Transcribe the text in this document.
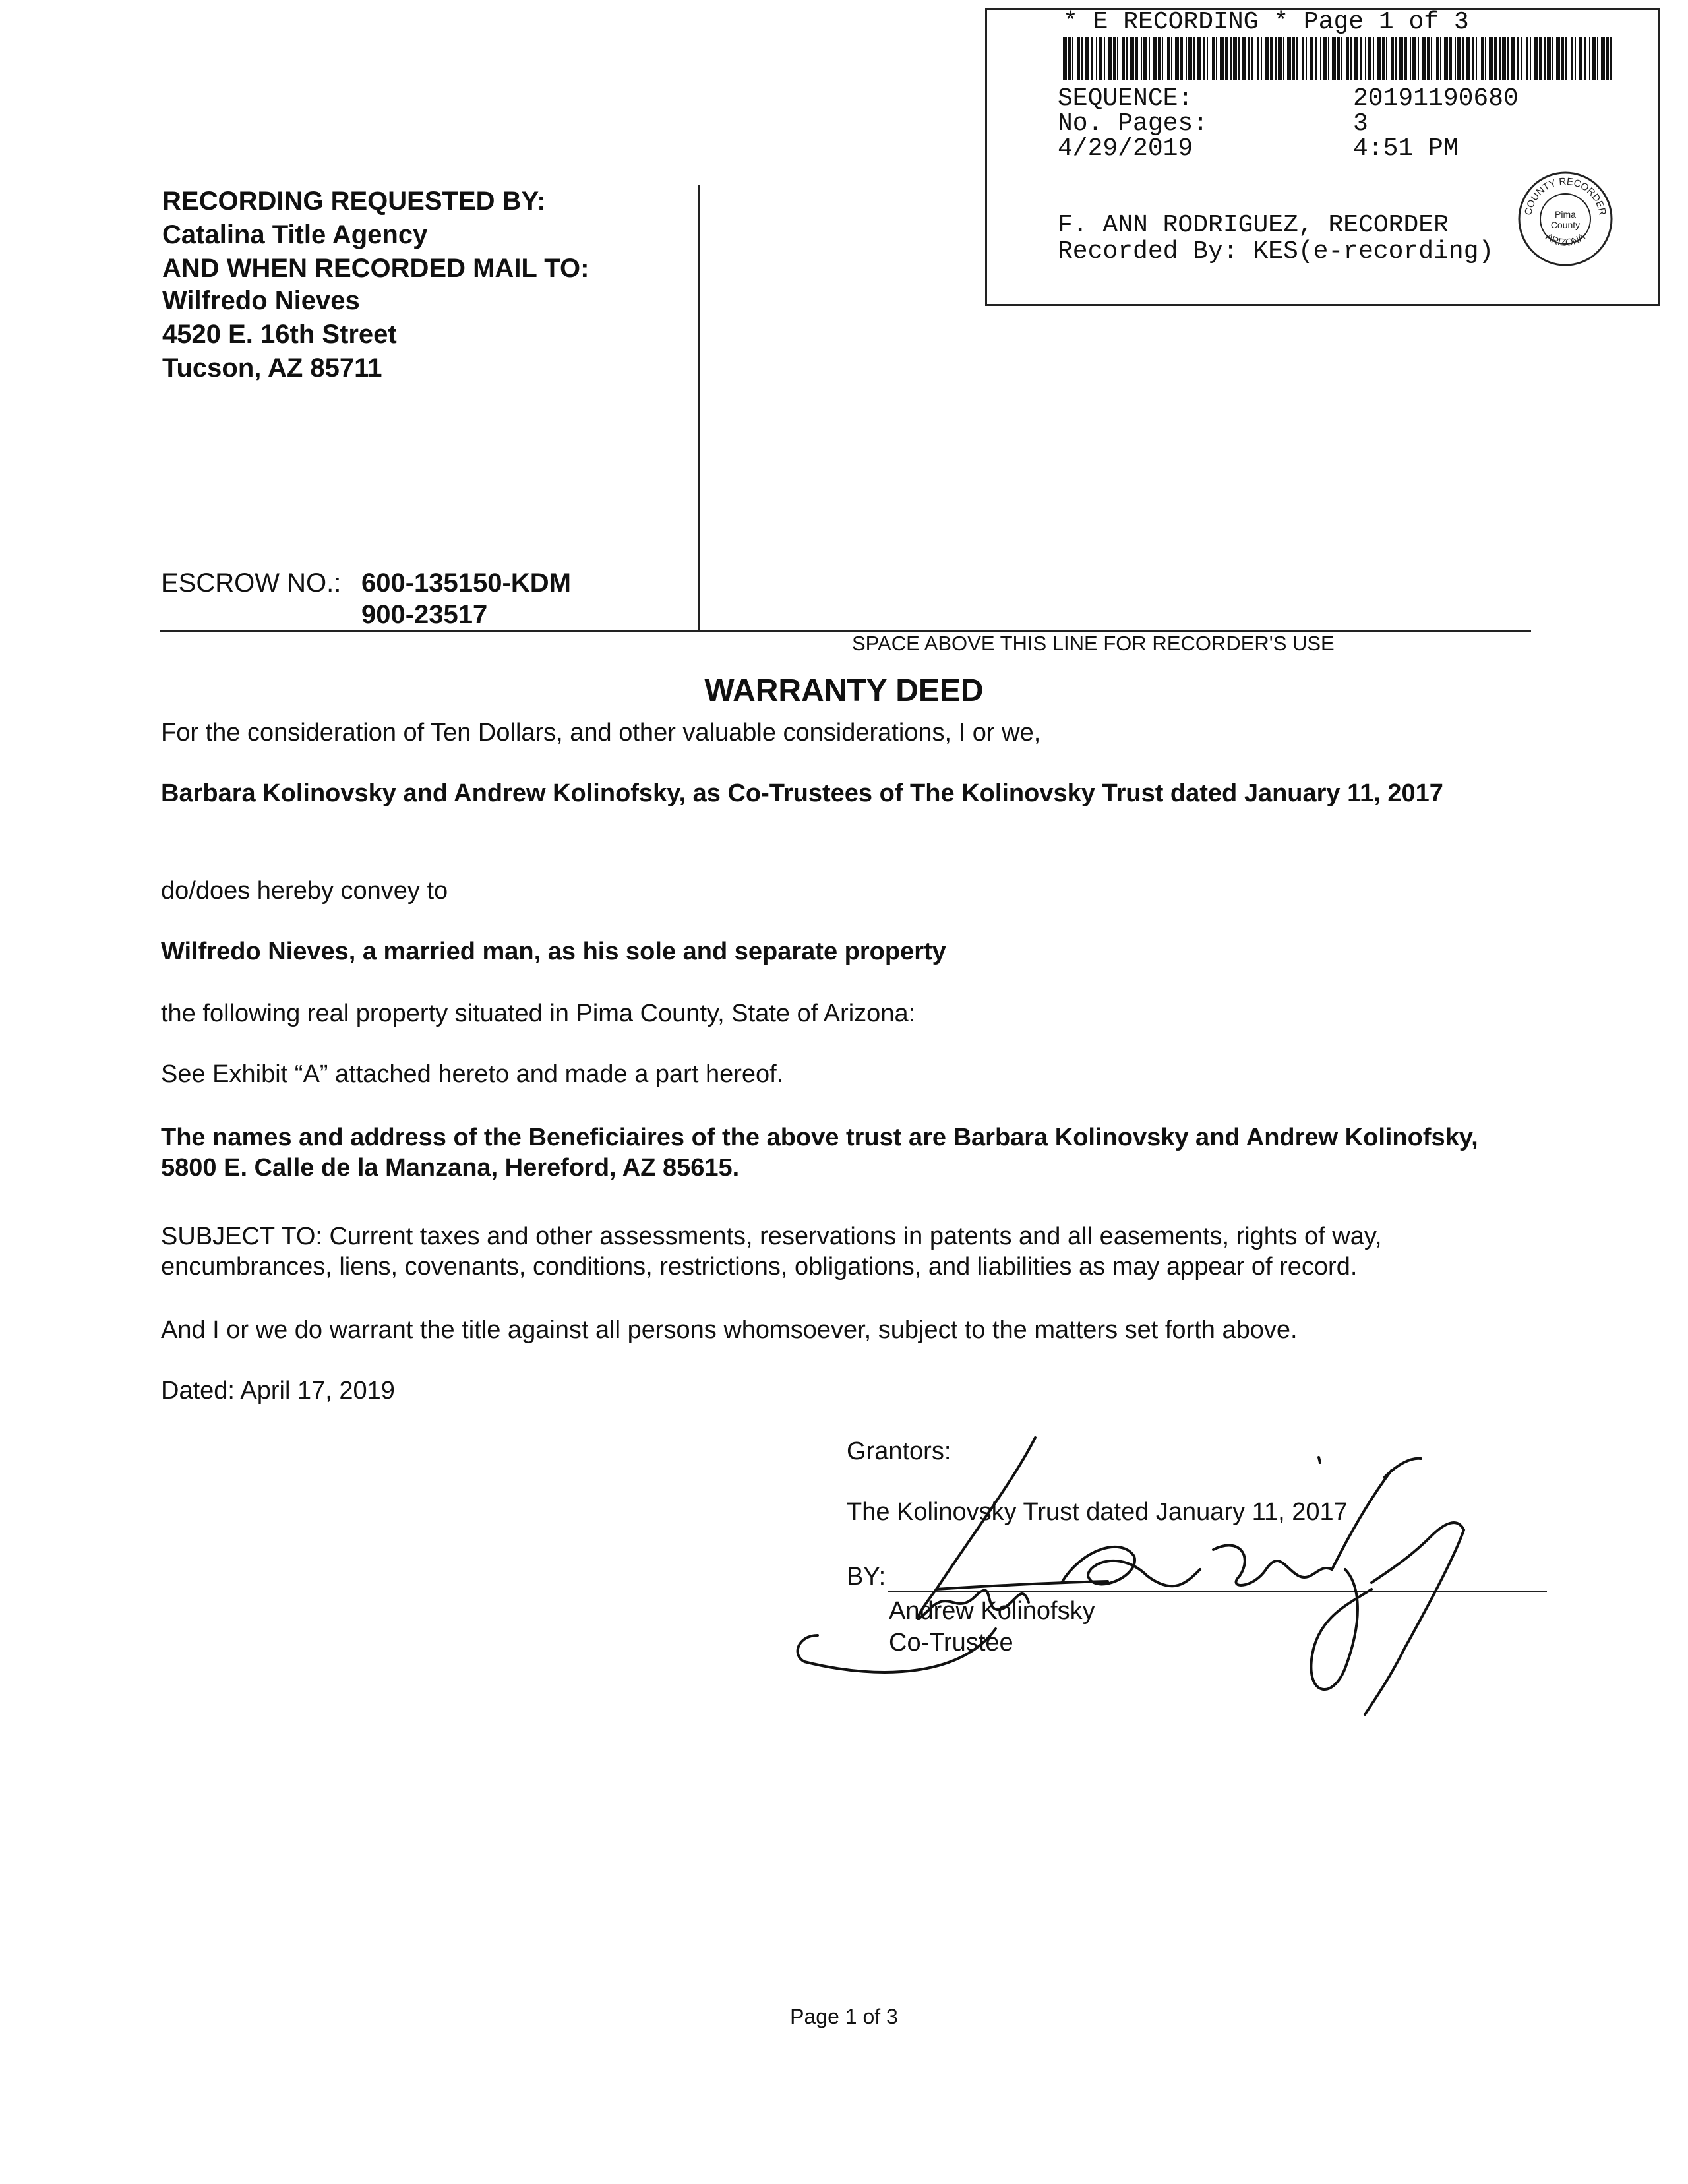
* E RECORDING * Page 1 of 3
SEQUENCE:	20191190680
No. Pages:	3
4/29/2019	4:51 PM
F. ANN RODRIGUEZ, RECORDER
Recorded By: KES(e-recording)
COUNTY RECORDER
Pima
County
ARIZONA
RECORDING REQUESTED BY:
Catalina Title Agency
AND WHEN RECORDED MAIL TO:
Wilfredo Nieves
4520 E. 16th Street
Tucson, AZ 85711
ESCROW NO.: 600-135150-KDM
900-23517
SPACE ABOVE THIS LINE FOR RECORDER'S USE
WARRANTY DEED
For the consideration of Ten Dollars, and other valuable considerations, I or we,
Barbara Kolinovsky and Andrew Kolinofsky, as Co-Trustees of The Kolinovsky Trust dated January 11, 2017
do/does hereby convey to
Wilfredo Nieves, a married man, as his sole and separate property
the following real property situated in Pima County, State of Arizona:
See Exhibit “A” attached hereto and made a part hereof.
The names and address of the Beneficiaires of the above trust are Barbara Kolinovsky and Andrew Kolinofsky, 5800 E. Calle de la Manzana, Hereford, AZ 85615.
SUBJECT TO: Current taxes and other assessments, reservations in patents and all easements, rights of way, encumbrances, liens, covenants, conditions, restrictions, obligations, and liabilities as may appear of record.
And I or we do warrant the title against all persons whomsoever, subject to the matters set forth above.
Dated: April 17, 2019
Grantors:
The Kolinovsky Trust dated January 11, 2017
BY:
Andrew Kolinofsky
Co-Trustee
Page 1 of 3
